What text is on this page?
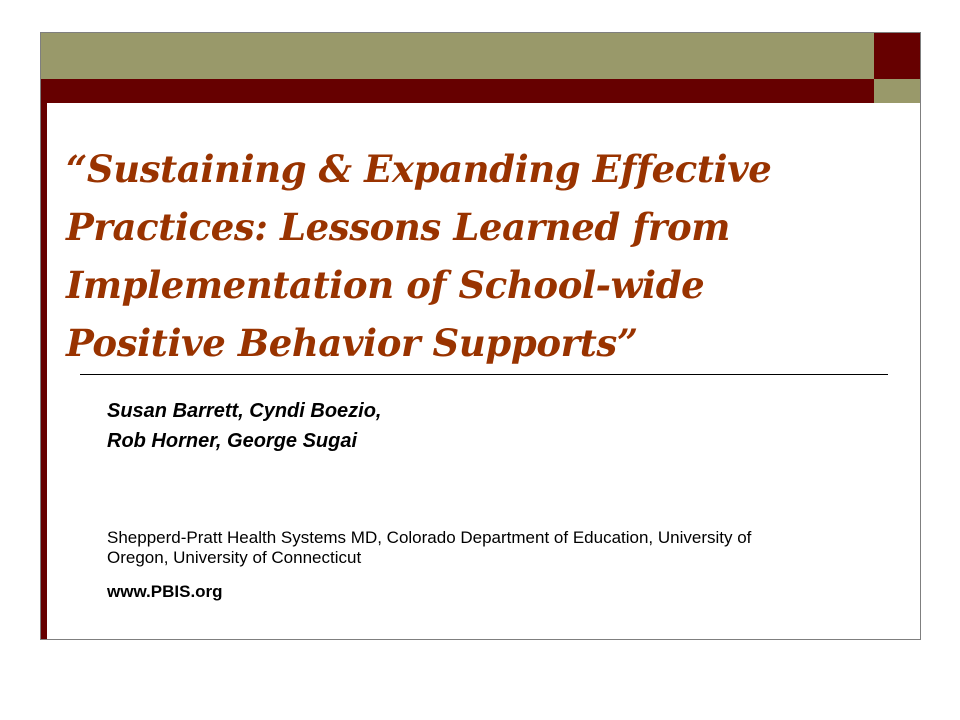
“Sustaining & Expanding Effective Practices: Lessons Learned from Implementation of School-wide Positive Behavior Supports”
Susan Barrett, Cyndi Boezio,
Rob Horner, George Sugai

Shepperd-Pratt Health Systems MD, Colorado Department of Education, University of Oregon, University of Connecticut

www.PBIS.org
